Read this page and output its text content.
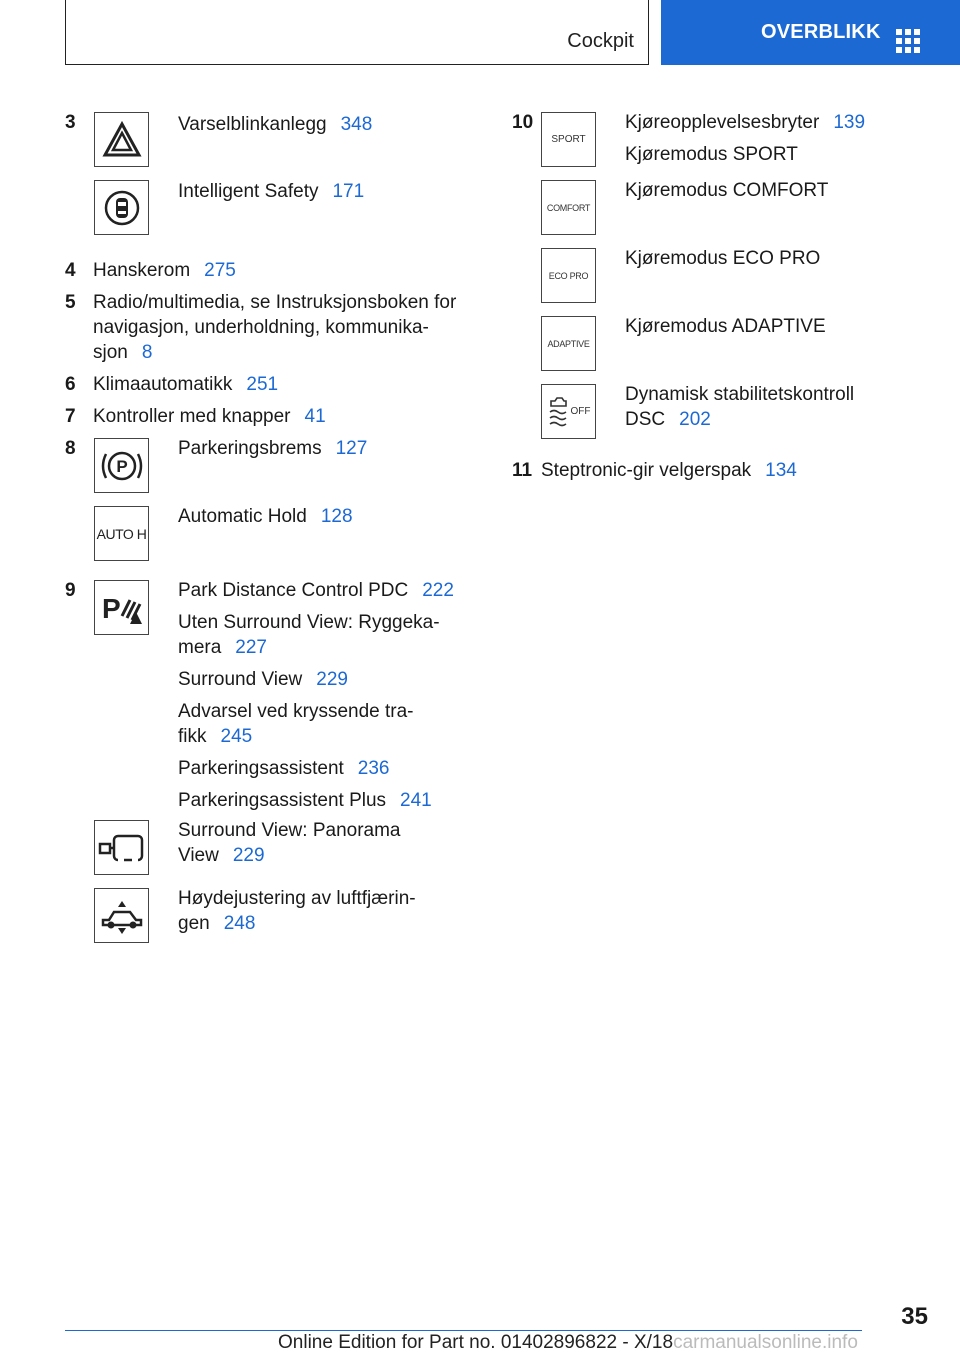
Cockpit	OVERBLIKK
3	Varselblinkanlegg 348
Intelligent Safety 171
4 Hanskerom 275
5 Radio/multimedia, se Instruksjonsboken for
navigasjon, underholdning, kommunika-
sjon 8
6 Klimaautomatikk 251
7 Kontroller med knapper 41
8
P
Parkeringsbrems 127
AUTO H
Automatic Hold 128
9
P
Park Distance Control PDC 222
Uten Surround View: Ryggeka-
mera 227
Surround View 229
Advarsel ved kryssende tra-
fikk 245
Parkeringsassistent 236
Parkeringsassistent Plus 241
Surround View: Panorama
View 229
Høydejustering av luftfjærin-
gen 248
10
SPORT
Kjøreopplevelsesbryter 139
Kjøremodus SPORT
COMFORT
Kjøremodus COMFORT
ECO PRO
Kjøremodus ECO PRO
ADAPTIVE
Kjøremodus ADAPTIVE
OFF
Dynamisk stabilitetskontroll
DSC 202
11 Steptronic-gir velgerspak 134
35
Online Edition for Part no. 01402896822 - X/18carmanualsonline.info
